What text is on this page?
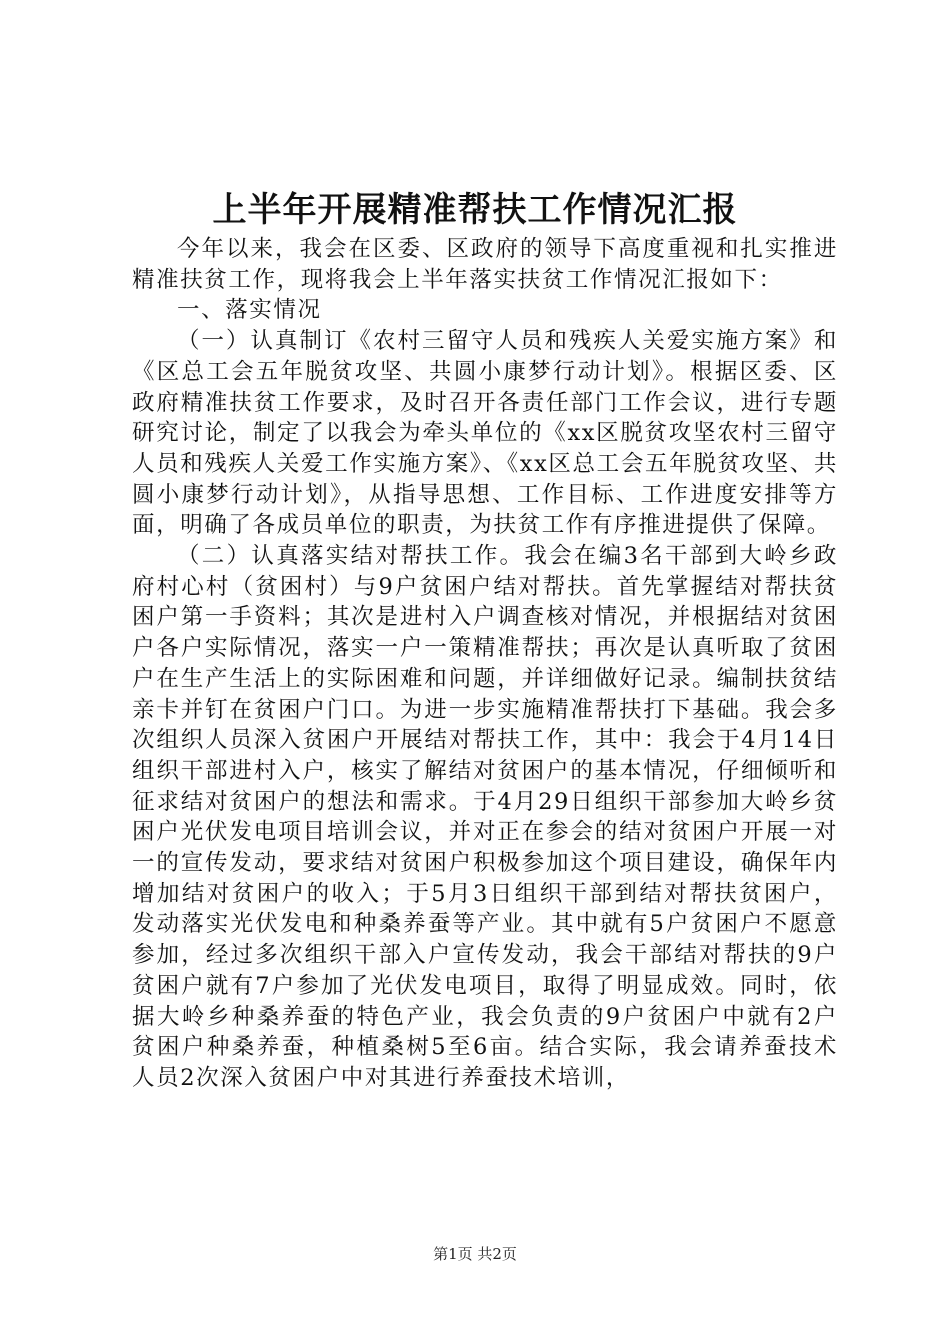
上半年开展精准帮扶工作情况汇报

今年以来，我会在区委、区政府的领导下高度重视和扎实推进精准扶贫工作，现将我会上半年落实扶贫工作情况汇报如下：

一、落实情况

（一）认真制订《农村三留守人员和残疾人关爱实施方案》和《区总工会五年脱贫攻坚、共圆小康梦行动计划》。根据区委、区政府精准扶贫工作要求，及时召开各责任部门工作会议，进行专题研究讨论，制定了以我会为牵头单位的《xx区脱贫攻坚农村三留守人员和残疾人关爱工作实施方案》、《xx区总工会五年脱贫攻坚、共圆小康梦行动计划》，从指导思想、工作目标、工作进度安排等方面，明确了各成员单位的职责，为扶贫工作有序推进提供了保障。

（二）认真落实结对帮扶工作。我会在编3名干部到大岭乡政府村心村（贫困村）与9户贫困户结对帮扶。首先掌握结对帮扶贫困户第一手资料；其次是进村入户调查核对情况，并根据结对贫困户各户实际情况，落实一户一策精准帮扶；再次是认真听取了贫困户在生产生活上的实际困难和问题，并详细做好记录。编制扶贫结亲卡并钉在贫困户门口。为进一步实施精准帮扶打下基础。我会多次组织人员深入贫困户开展结对帮扶工作，其中：我会于4月14日组织干部进村入户，核实了解结对贫困户的基本情况，仔细倾听和征求结对贫困户的想法和需求。于4月29日组织干部参加大岭乡贫困户光伏发电项目培训会议，并对正在参会的结对贫困户开展一对一的宣传发动，要求结对贫困户积极参加这个项目建设，确保年内增加结对贫困户的收入；于5月3日组织干部到结对帮扶贫困户，发动落实光伏发电和种桑养蚕等产业。其中就有5户贫困户不愿意参加，经过多次组织干部入户宣传发动，我会干部结对帮扶的9户贫困户就有7户参加了光伏发电项目，取得了明显成效。同时，依据大岭乡种桑养蚕的特色产业，我会负责的9户贫困户中就有2户贫困户种桑养蚕，种植桑树5至6亩。结合实际，我会请养蚕技术人员2次深入贫困户中对其进行养蚕技术培训，

第1页 共2页
